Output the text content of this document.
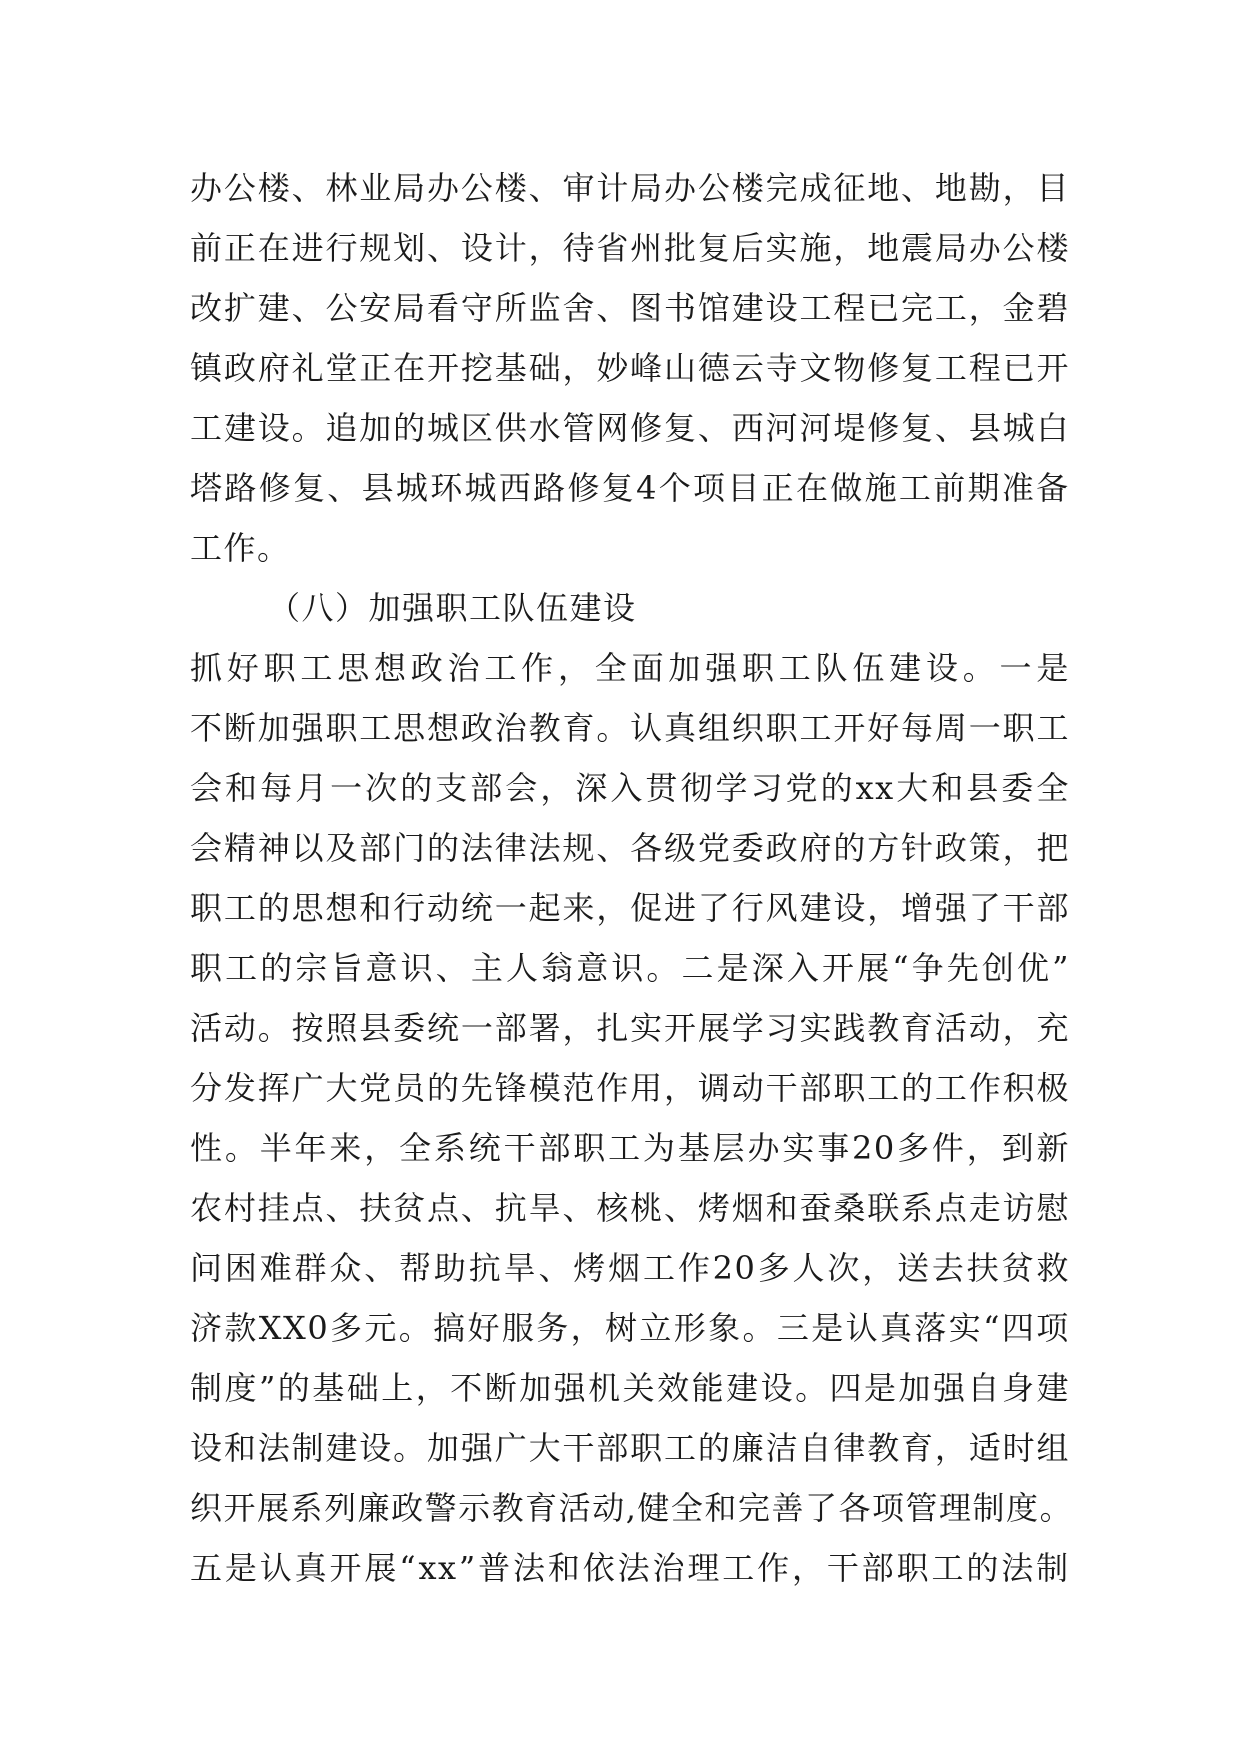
办 公 楼 、 林 业 局 办 公 楼 、 审 计 局 办 公 楼 完 成 征 地 、 地 勘 ， 目
前 正 在 进 行 规 划 、 设 计 ， 待 省 州 批 复 后 实 施 ， 地 震 局 办 公 楼
改 扩 建 、 公 安 局 看 守 所 监 舍 、 图 书 馆 建 设 工 程 已 完 工 ， 金 碧
镇 政 府 礼 堂 正 在 开 挖 基 础 ， 妙 峰 山 德 云 寺 文 物 修 复 工 程 已 开
工 建 设 。 追 加 的 城 区 供 水 管 网 修 复 、 西 河 河 堤 修 复 、 县 城 白
塔 路 修 复 、 县 城 环 城 西 路 修 复 4 个 项 目 正 在 做 施 工 前 期 准 备
工作。
（八）加强职工队伍建设
抓 好 职 工 思 想 政 治 工 作 ， 全 面 加 强 职 工 队 伍 建 设 。 一 是
不 断 加 强 职 工 思 想 政 治 教 育 。 认 真 组 织 职 工 开 好 每 周 一 职 工
会 和 每 月 一 次 的 支 部 会 ， 深 入 贯 彻 学 习 党 的 xx 大 和 县 委 全
会 精 神 以 及 部 门 的 法 律 法 规 、 各 级 党 委 政 府 的 方 针 政 策 ， 把
职 工 的 思 想 和 行 动 统 一 起 来 ， 促 进 了 行 风 建 设 ， 增 强 了 干 部
职 工 的 宗 旨 意 识 、 主 人 翁 意 识 。 二 是 深 入 开 展 “ 争 先 创 优 ”
活 动 。 按 照 县 委 统 一 部 署 ， 扎 实 开 展 学 习 实 践 教 育 活 动 ， 充
分 发 挥 广 大 党 员 的 先 锋 模 范 作 用 ， 调 动 干 部 职 工 的 工 作 积 极
性 。 半 年 来 ， 全 系 统 干 部 职 工 为 基 层 办 实 事 20 多 件 ， 到 新
农 村 挂 点 、 扶 贫 点 、 抗 旱 、 核 桃 、 烤 烟 和 蚕 桑 联 系 点 走 访 慰
问 困 难 群 众 、 帮 助 抗 旱 、 烤 烟 工 作 20 多 人 次 ， 送 去 扶 贫 救
济 款 XX0 多 元 。 搞 好 服 务 ， 树 立 形 象 。 三 是 认 真 落 实 “ 四 项
制 度 ” 的 基 础 上 ， 不 断 加 强 机 关 效 能 建 设 。 四 是 加 强 自 身 建
设 和 法 制 建 设 。 加 强 广 大 干 部 职 工 的 廉 洁 自 律 教 育 ， 适 时 组
织 开 展 系 列 廉 政 警 示 教 育 活 动 , 健 全 和 完 善 了 各 项 管 理 制 度 。
五 是 认 真 开 展 “ xx ” 普 法 和 依 法 治 理 工 作 ， 干 部 职 工 的 法 制
